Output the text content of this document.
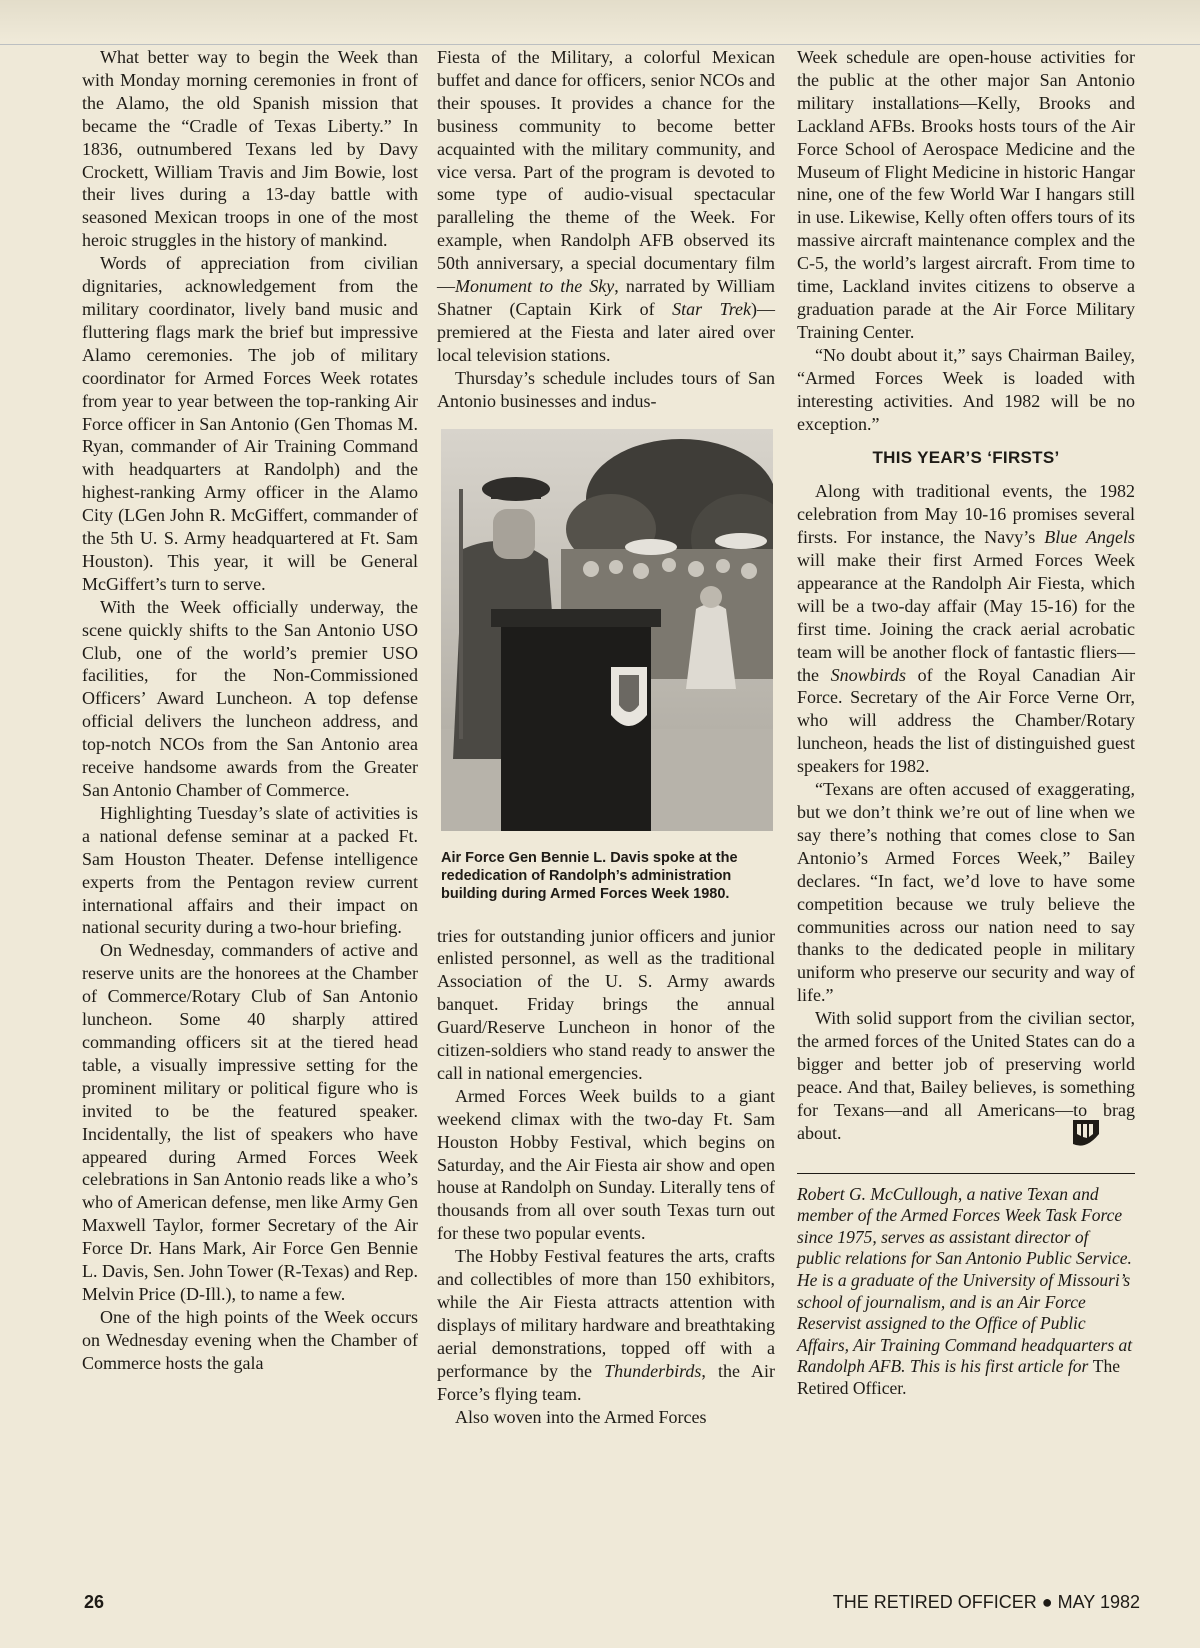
What better way to begin the Week than with Monday morning ceremonies in front of the Alamo, the old Spanish mission that became the “Cradle of Texas Liberty.” In 1836, outnumbered Texans led by Davy Crockett, William Travis and Jim Bowie, lost their lives during a 13-day battle with seasoned Mexican troops in one of the most heroic struggles in the history of mankind.

Words of appreciation from civilian dignitaries, acknowledgement from the military coordinator, lively band music and fluttering flags mark the brief but impressive Alamo ceremonies. The job of military coordinator for Armed Forces Week rotates from year to year between the top-ranking Air Force officer in San Antonio (Gen Thomas M. Ryan, commander of Air Training Command with headquarters at Randolph) and the highest-ranking Army officer in the Alamo City (LGen John R. McGiffert, commander of the 5th U. S. Army headquartered at Ft. Sam Houston). This year, it will be General McGiffert’s turn to serve.

With the Week officially underway, the scene quickly shifts to the San Antonio USO Club, one of the world’s premier USO facilities, for the Non-Commissioned Officers’ Award Luncheon. A top defense official delivers the luncheon address, and top-notch NCOs from the San Antonio area receive handsome awards from the Greater San Antonio Chamber of Commerce.

Highlighting Tuesday’s slate of activities is a national defense seminar at a packed Ft. Sam Houston Theater. Defense intelligence experts from the Pentagon review current international affairs and their impact on national security during a two-hour briefing.

On Wednesday, commanders of active and reserve units are the honorees at the Chamber of Commerce/Rotary Club of San Antonio luncheon. Some 40 sharply attired commanding officers sit at the tiered head table, a visually impressive setting for the prominent military or political figure who is invited to be the featured speaker. Incidentally, the list of speakers who have appeared during Armed Forces Week celebrations in San Antonio reads like a who’s who of American defense, men like Army Gen Maxwell Taylor, former Secretary of the Air Force Dr. Hans Mark, Air Force Gen Bennie L. Davis, Sen. John Tower (R-Texas) and Rep. Melvin Price (D-Ill.), to name a few.

One of the high points of the Week occurs on Wednesday evening when the Chamber of Commerce hosts the gala

Fiesta of the Military, a colorful Mexican buffet and dance for officers, senior NCOs and their spouses. It provides a chance for the business community to become better acquainted with the military community, and vice versa. Part of the program is devoted to some type of audio-visual spectacular paralleling the theme of the Week. For example, when Randolph AFB observed its 50th anniversary, a special documentary film—Monument to the Sky, narrated by William Shatner (Captain Kirk of Star Trek)—premiered at the Fiesta and later aired over local television stations.

Thursday’s schedule includes tours of San Antonio businesses and indus-

Air Force Gen Bennie L. Davis spoke at the rededication of Randolph’s administration building during Armed Forces Week 1980.

tries for outstanding junior officers and junior enlisted personnel, as well as the traditional Association of the U. S. Army awards banquet. Friday brings the annual Guard/Reserve Luncheon in honor of the citizen-soldiers who stand ready to answer the call in national emergencies.

Armed Forces Week builds to a giant weekend climax with the two-day Ft. Sam Houston Hobby Festival, which begins on Saturday, and the Air Fiesta air show and open house at Randolph on Sunday. Literally tens of thousands from all over south Texas turn out for these two popular events.

The Hobby Festival features the arts, crafts and collectibles of more than 150 exhibitors, while the Air Fiesta attracts attention with displays of military hardware and breathtaking aerial demonstrations, topped off with a performance by the Thunderbirds, the Air Force’s flying team.

Also woven into the Armed Forces

Week schedule are open-house activities for the public at the other major San Antonio military installations—Kelly, Brooks and Lackland AFBs. Brooks hosts tours of the Air Force School of Aerospace Medicine and the Museum of Flight Medicine in historic Hangar nine, one of the few World War I hangars still in use. Likewise, Kelly often offers tours of its massive aircraft maintenance complex and the C-5, the world’s largest aircraft. From time to time, Lackland invites citizens to observe a graduation parade at the Air Force Military Training Center.

“No doubt about it,” says Chairman Bailey, “Armed Forces Week is loaded with interesting activities. And 1982 will be no exception.”

THIS YEAR’S ‘FIRSTS’

Along with traditional events, the 1982 celebration from May 10-16 promises several firsts. For instance, the Navy’s Blue Angels will make their first Armed Forces Week appearance at the Randolph Air Fiesta, which will be a two-day affair (May 15-16) for the first time. Joining the crack aerial acrobatic team will be another flock of fantastic fliers—the Snowbirds of the Royal Canadian Air Force. Secretary of the Air Force Verne Orr, who will address the Chamber/Rotary luncheon, heads the list of distinguished guest speakers for 1982.

“Texans are often accused of exaggerating, but we don’t think we’re out of line when we say there’s nothing that comes close to San Antonio’s Armed Forces Week,” Bailey declares. “In fact, we’d love to have some competition because we truly believe the communities across our nation need to say thanks to the dedicated people in military uniform who preserve our security and way of life.”

With solid support from the civilian sector, the armed forces of the United States can do a bigger and better job of preserving world peace. And that, Bailey believes, is something for Texans—and all Americans—to brag about.

Robert G. McCullough, a native Texan and member of the Armed Forces Week Task Force since 1975, serves as assistant director of public relations for San Antonio Public Service. He is a graduate of the University of Missouri’s school of journalism, and is an Air Force Reservist assigned to the Office of Public Affairs, Air Training Command headquarters at Randolph AFB. This is his first article for The Retired Officer.
26	THE RETIRED OFFICER ● MAY 1982
